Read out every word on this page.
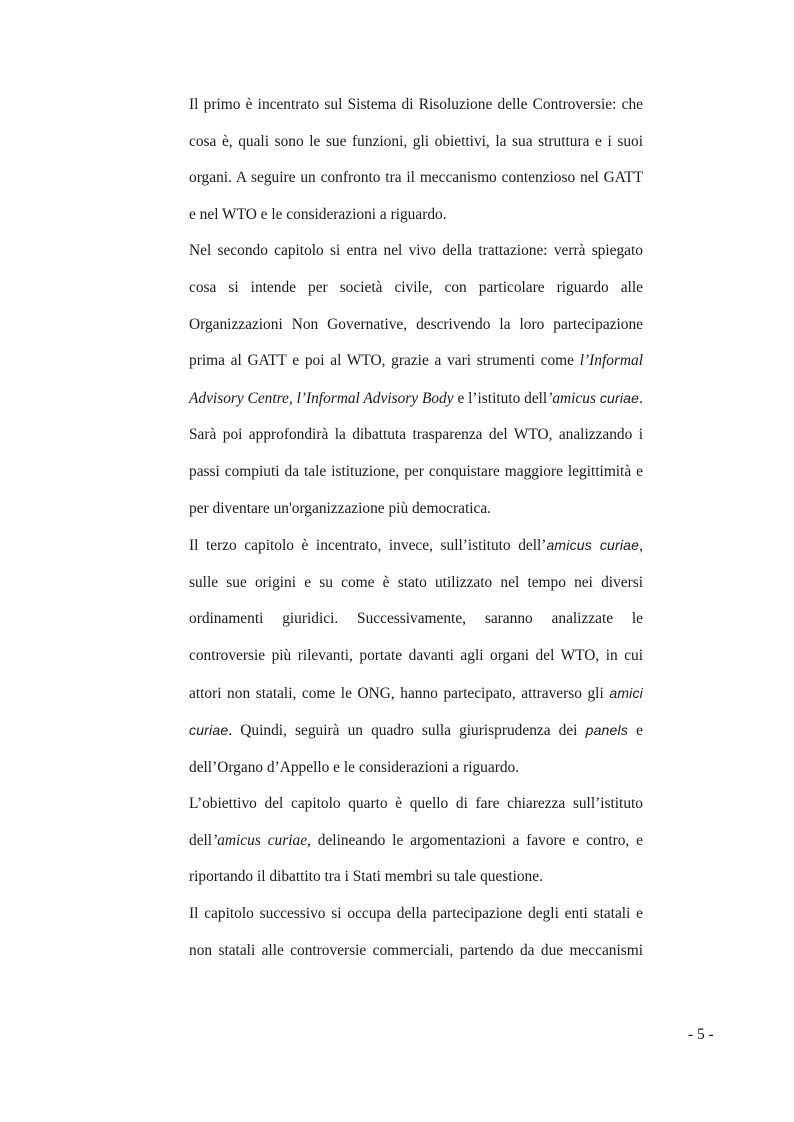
Il primo è incentrato sul Sistema di Risoluzione delle Controversie: che cosa è, quali sono le sue funzioni, gli obiettivi, la sua struttura e i suoi organi. A seguire un confronto tra il meccanismo contenzioso nel GATT e nel WTO e le considerazioni a riguardo.

Nel secondo capitolo si entra nel vivo della trattazione: verrà spiegato cosa si intende per società civile, con particolare riguardo alle Organizzazioni Non Governative, descrivendo la loro partecipazione prima al GATT e poi al WTO, grazie a vari strumenti come l’Informal Advisory Centre, l’Informal Advisory Body e l’istituto dell’amicus curiae. Sarà poi approfondirà la dibattuta trasparenza del WTO, analizzando i passi compiuti da tale istituzione, per conquistare maggiore legittimità e per diventare un'organizzazione più democratica.

Il terzo capitolo è incentrato, invece, sull’istituto dell’amicus curiae, sulle sue origini e su come è stato utilizzato nel tempo nei diversi ordinamenti giuridici. Successivamente, saranno analizzate le controversie più rilevanti, portate davanti agli organi del WTO, in cui attori non statali, come le ONG, hanno partecipato, attraverso gli amici curiae. Quindi, seguirà un quadro sulla giurisprudenza dei panels e dell’Organo d’Appello e le considerazioni a riguardo.

L’obiettivo del capitolo quarto è quello di fare chiarezza sull’istituto dell’amicus curiae, delineando le argomentazioni a favore e contro, e riportando il dibattito tra i Stati membri su tale questione.

Il capitolo successivo si occupa della partecipazione degli enti statali e non statali alle controversie commerciali, partendo da due meccanismi

- 5 -
